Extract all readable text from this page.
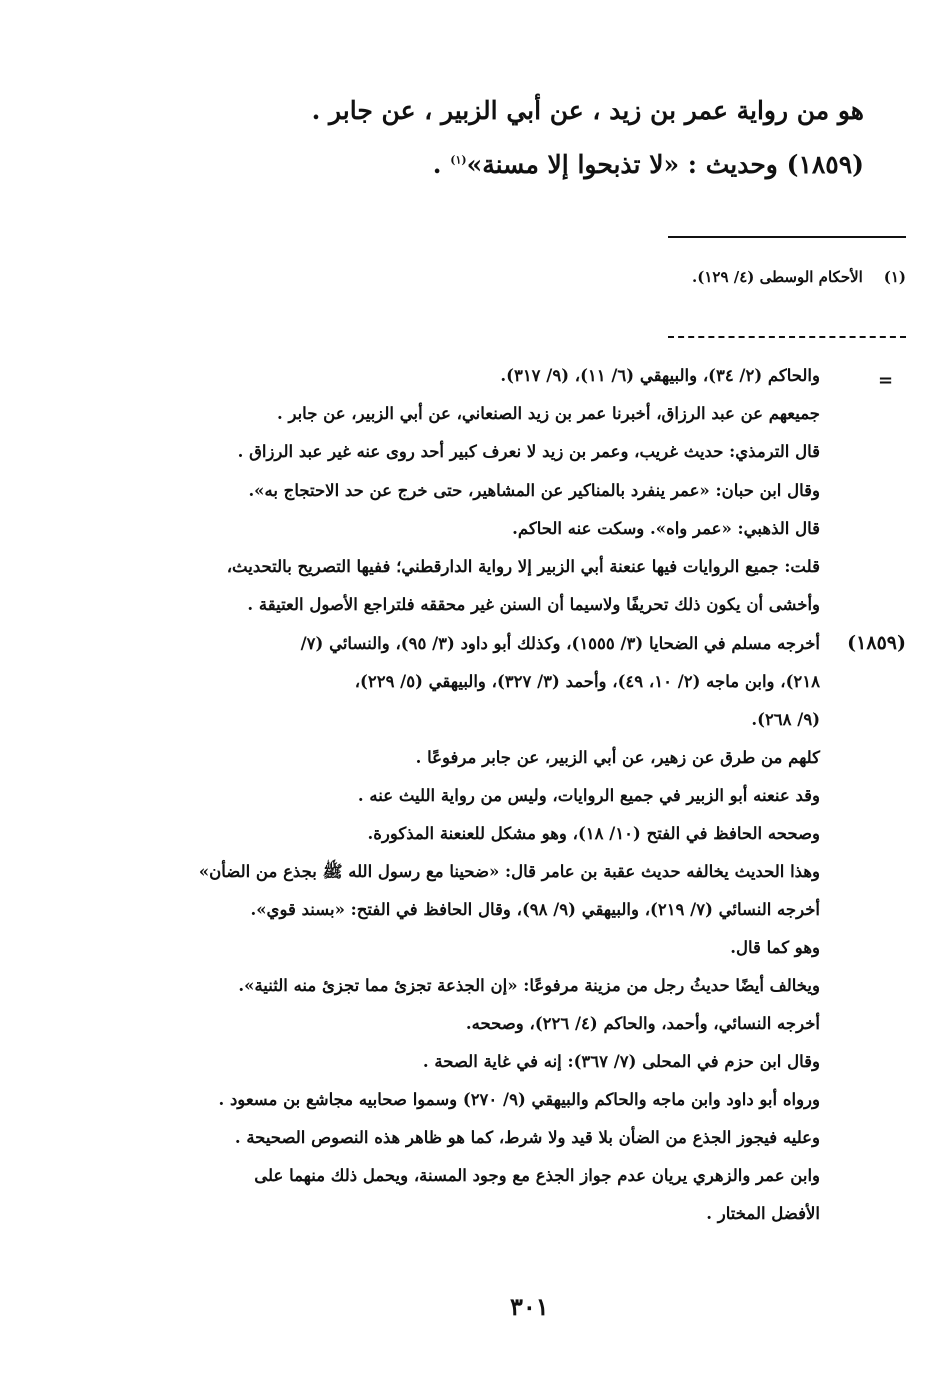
هو من رواية عمر بن زيد ، عن أبي الزبير ، عن جابر .
(١٨٥٩) وحديث : «لا تذبحوا إلا مسنة»$^{(١)}$ .
(١)    الأحكام الوسطى (٤/ ١٢٩).
=
والحاكم (٢/ ٣٤)، والبيهقي (٦/ ١١)، (٩/ ٣١٧).
جميعهم عن عبد الرزاق، أخبرنا عمر بن زيد الصنعاني، عن أبي الزبير، عن جابر .
قال الترمذي: حديث غريب، وعمر بن زيد لا نعرف كبير أحد روى عنه غير عبد الرزاق .
وقال ابن حبان: «عمر ينفرد بالمناكير عن المشاهير، حتى خرج عن حد الاحتجاج به».
قال الذهبي: «عمر واه». وسكت عنه الحاكم.
قلت: جميع الروايات فيها عنعنة أبي الزبير إلا رواية الدارقطني؛ ففيها التصريح بالتحديث،
وأخشى أن يكون ذلك تحريفًا ولاسيما أن السنن غير محققه فلتراجع الأصول العتيقة .
(١٨٥٩)
أخرجه مسلم في الضحايا (٣/ ١٥٥٥)، وكذلك أبو داود (٣/ ٩٥)، والنسائي (٧/
٢١٨)، وابن ماجه (٢/ ١٠، ٤٩)، وأحمد (٣/ ٣٢٧)، والبيهقي (٥/ ٢٢٩)،
(٩/ ٢٦٨).
كلهم من طرق عن زهير، عن أبي الزبير، عن جابر مرفوعًا .
وقد عنعنه أبو الزبير في جميع الروايات، وليس من رواية الليث عنه .
وصححه الحافظ في الفتح (١٠/ ١٨)، وهو مشكل للعنعنة المذكورة.
وهذا الحديث يخالفه حديث عقبة بن عامر قال: «ضحينا مع رسول الله ﷺ بجذع من الضأن»
أخرجه النسائي (٧/ ٢١٩)، والبيهقي (٩/ ٩٨)، وقال الحافظ في الفتح: «بسند قوي».
وهو كما قال.
ويخالف أيضًا حديثُ رجل من مزينة مرفوعًا: «إن الجذعة تجزئ مما تجزئ منه الثنية».
أخرجه النسائي، وأحمد، والحاكم (٤/ ٢٢٦)، وصححه.
وقال ابن حزم في المحلى (٧/ ٣٦٧): إنه في غاية الصحة .
ورواه أبو داود وابن ماجه والحاكم والبيهقي (٩/ ٢٧٠) وسموا صحابيه مجاشع بن مسعود .
وعليه فيجوز الجذع من الضأن بلا قيد ولا شرط، كما هو ظاهر هذه النصوص الصحيحة .
وابن عمر والزهري يريان عدم جواز الجذع مع وجود المسنة، ويحمل ذلك منهما على
الأفضل المختار .
٣٠١
